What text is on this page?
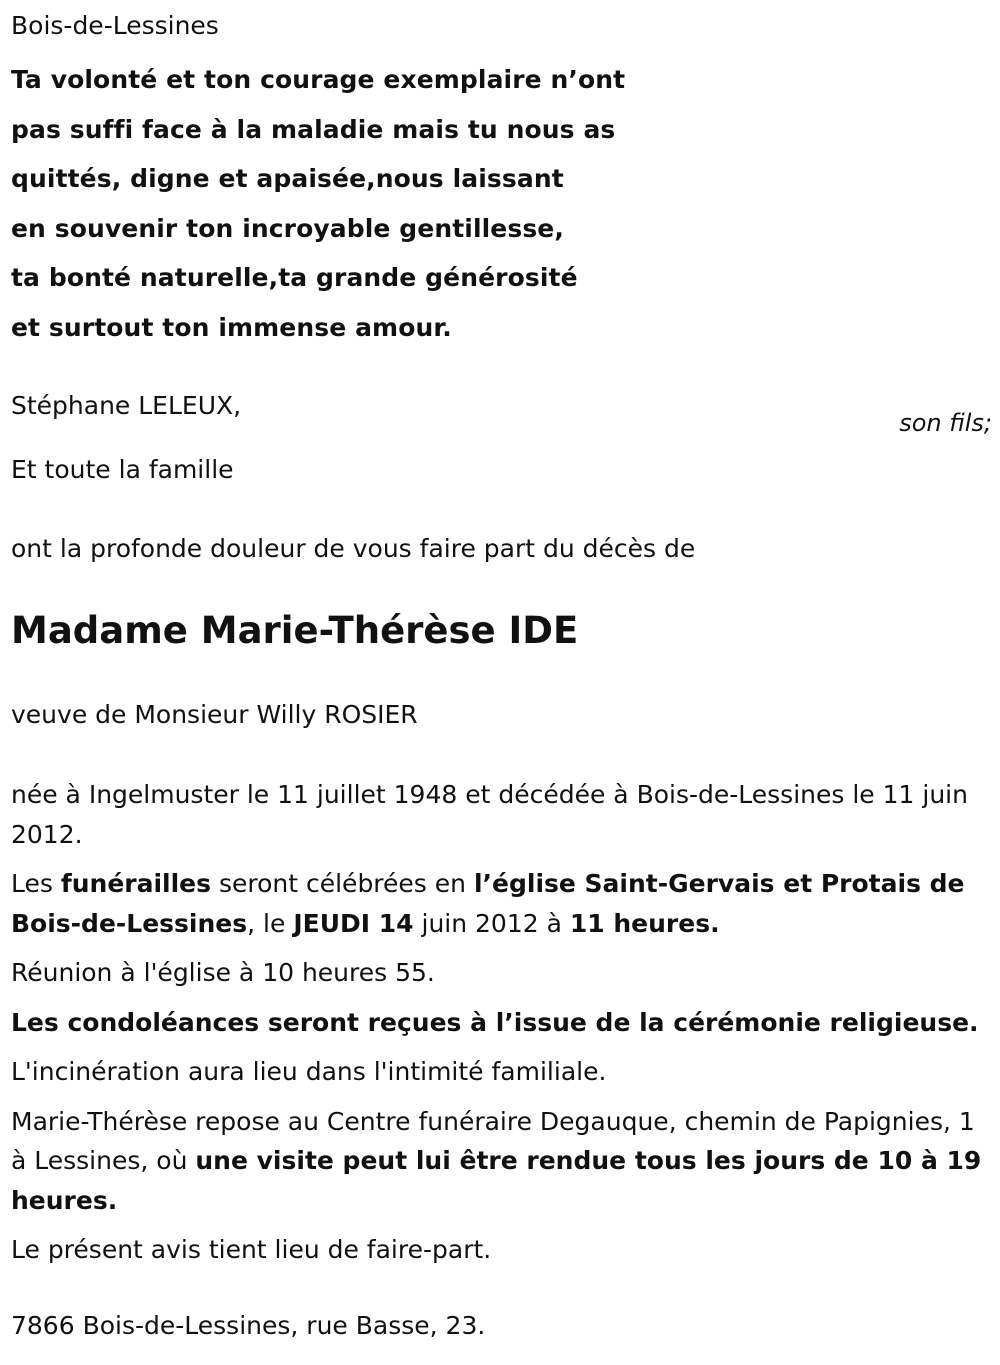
Bois-de-Lessines

Ta volonté et ton courage exemplaire n’ont

pas suffi face à la maladie mais tu nous as

quittés, digne et apaisée,nous laissant

en souvenir ton incroyable gentillesse,

ta bonté naturelle,ta grande générosité

et surtout ton immense amour.

Stéphane LELEUX,

son fils;

Et toute la famille

ont la profonde douleur de vous faire part du décès de

Madame Marie-Thérèse IDE

veuve de Monsieur Willy ROSIER

née à Ingelmuster le 11 juillet 1948 et décédée à Bois-de-Lessines le 11 juin 2012.

Les funérailles seront célébrées en l’église Saint-Gervais et Protais de Bois-de-Lessines, le JEUDI 14 juin 2012 à 11 heures.

Réunion à l'église à 10 heures 55.

Les condoléances seront reçues à l’issue de la cérémonie religieuse.

L'incinération aura lieu dans l'intimité familiale.

Marie-Thérèse repose au Centre funéraire Degauque, chemin de Papignies, 1 à Lessines, où une visite peut lui être rendue tous les jours de 10 à 19 heures.

Le présent avis tient lieu de faire-part.

7866 Bois-de-Lessines, rue Basse, 23.
